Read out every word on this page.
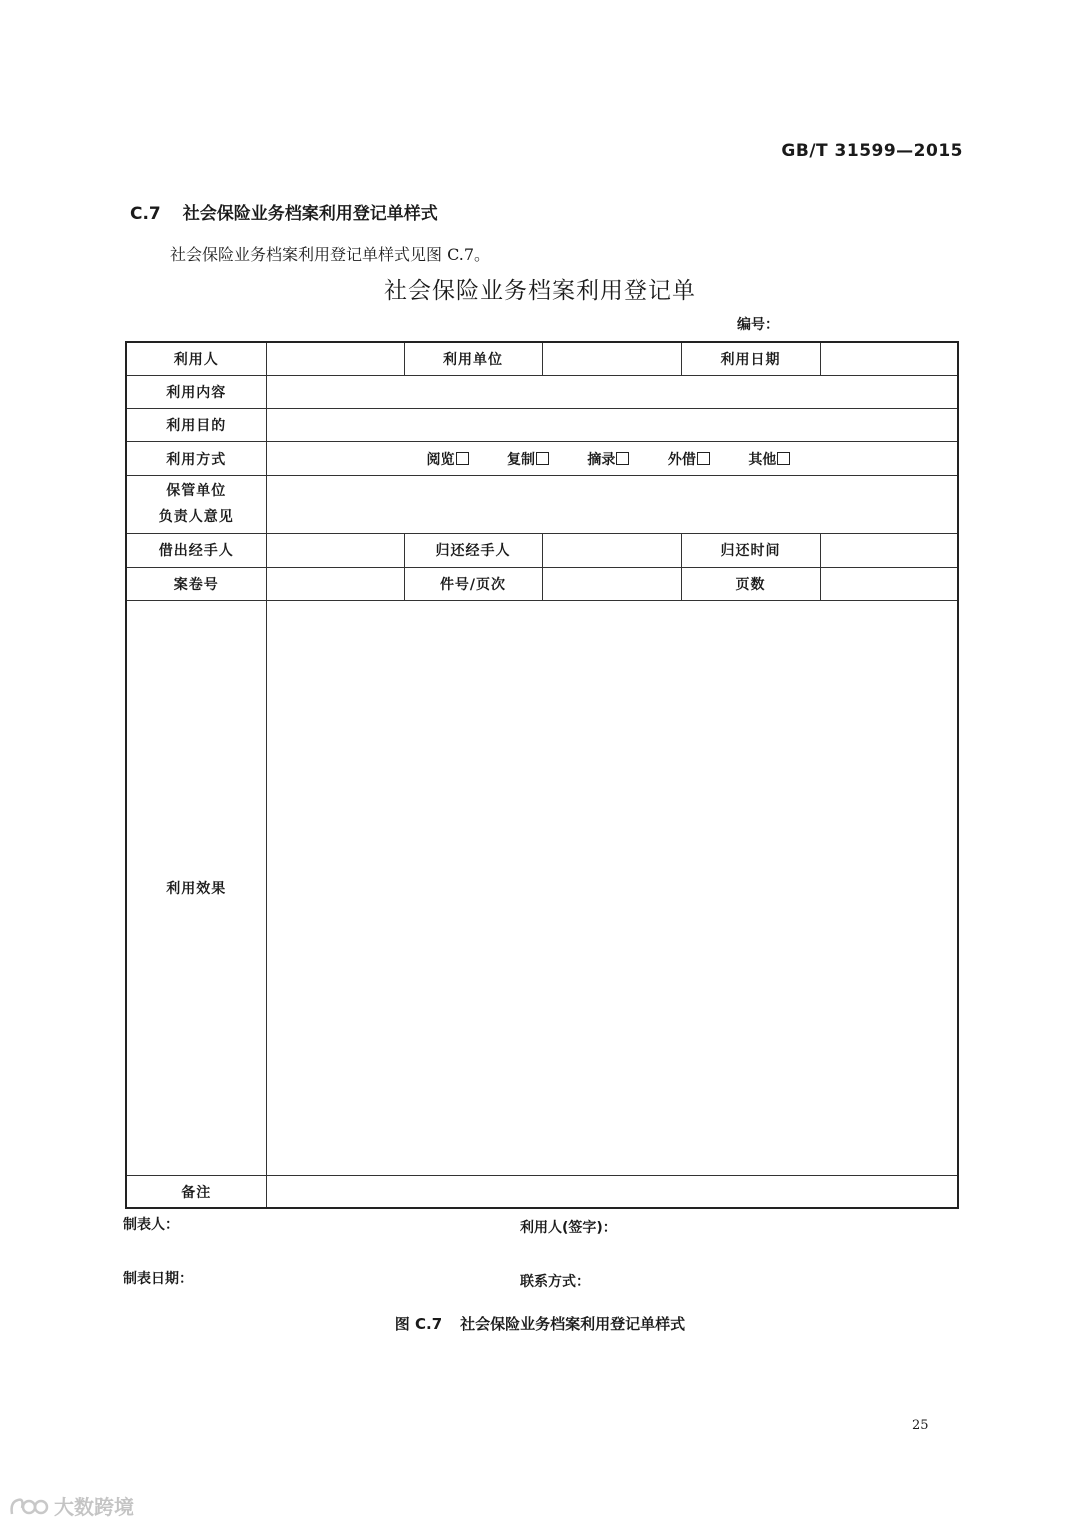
GB/T 31599—2015
C.7 社会保险业务档案利用登记单样式
社会保险业务档案利用登记单样式见图 C.7。
社会保险业务档案利用登记单
编号：
利用人		利用单位		利用日期	
利用内容					
利用目的					
利用方式	阅览 复制 摘录 外借 其他				

保管单位
负责人意见					

借出经手人		归还经手人		归还时间	
案卷号		件号/页次		页数	
利用效果					
备注					
制表人：	利用人(签字)：
制表日期：	联系方式：
图 C.7 社会保险业务档案利用登记单样式
25
大数跨境
